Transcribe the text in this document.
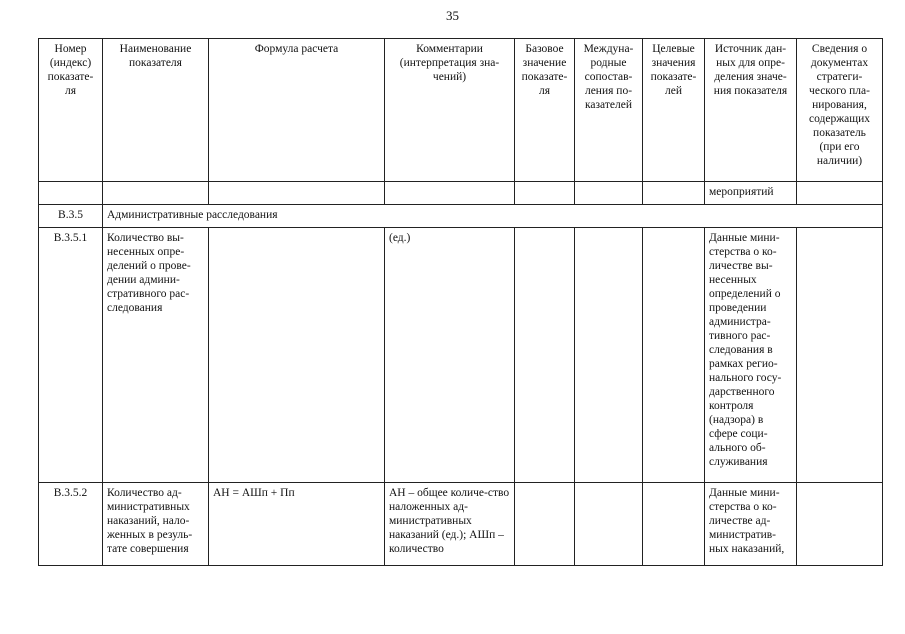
35
Номер (индекс) показате-ля	Наименование показателя	Формула расчета	Комментарии (интерпретация зна-чений)	Базовое значение показате-ля	Междуна-родные сопостав-ления по-казателей	Целевые значения показате-лей	Источник дан-ных для опре-деления значе-ния показателя	Сведения о документах стратеги-ческого пла-нирования, содержащих показатель (при его наличии)
							мероприятий	
В.3.5	Административные расследования							
В.3.5.1	Количество вы-несенных опре-делений о прове-дении админи-стративного рас-следования		(ед.)				Данные мини-стерства о ко-личестве вы-несенных определений о проведении администра-тивного рас-следования в рамках регио-нального госу-дарственного контроля (надзора) в сфере соци-ального об-служивания	
В.3.5.2	Количество ад-министративных наказаний, нало-женных в резуль-тате совершения	АН = АШп + Пп	АН – общее количе-ство наложенных ад-министративных наказаний (ед.); АШп – количество				Данные мини-стерства о ко-личестве ад-министратив-ных наказаний,	
